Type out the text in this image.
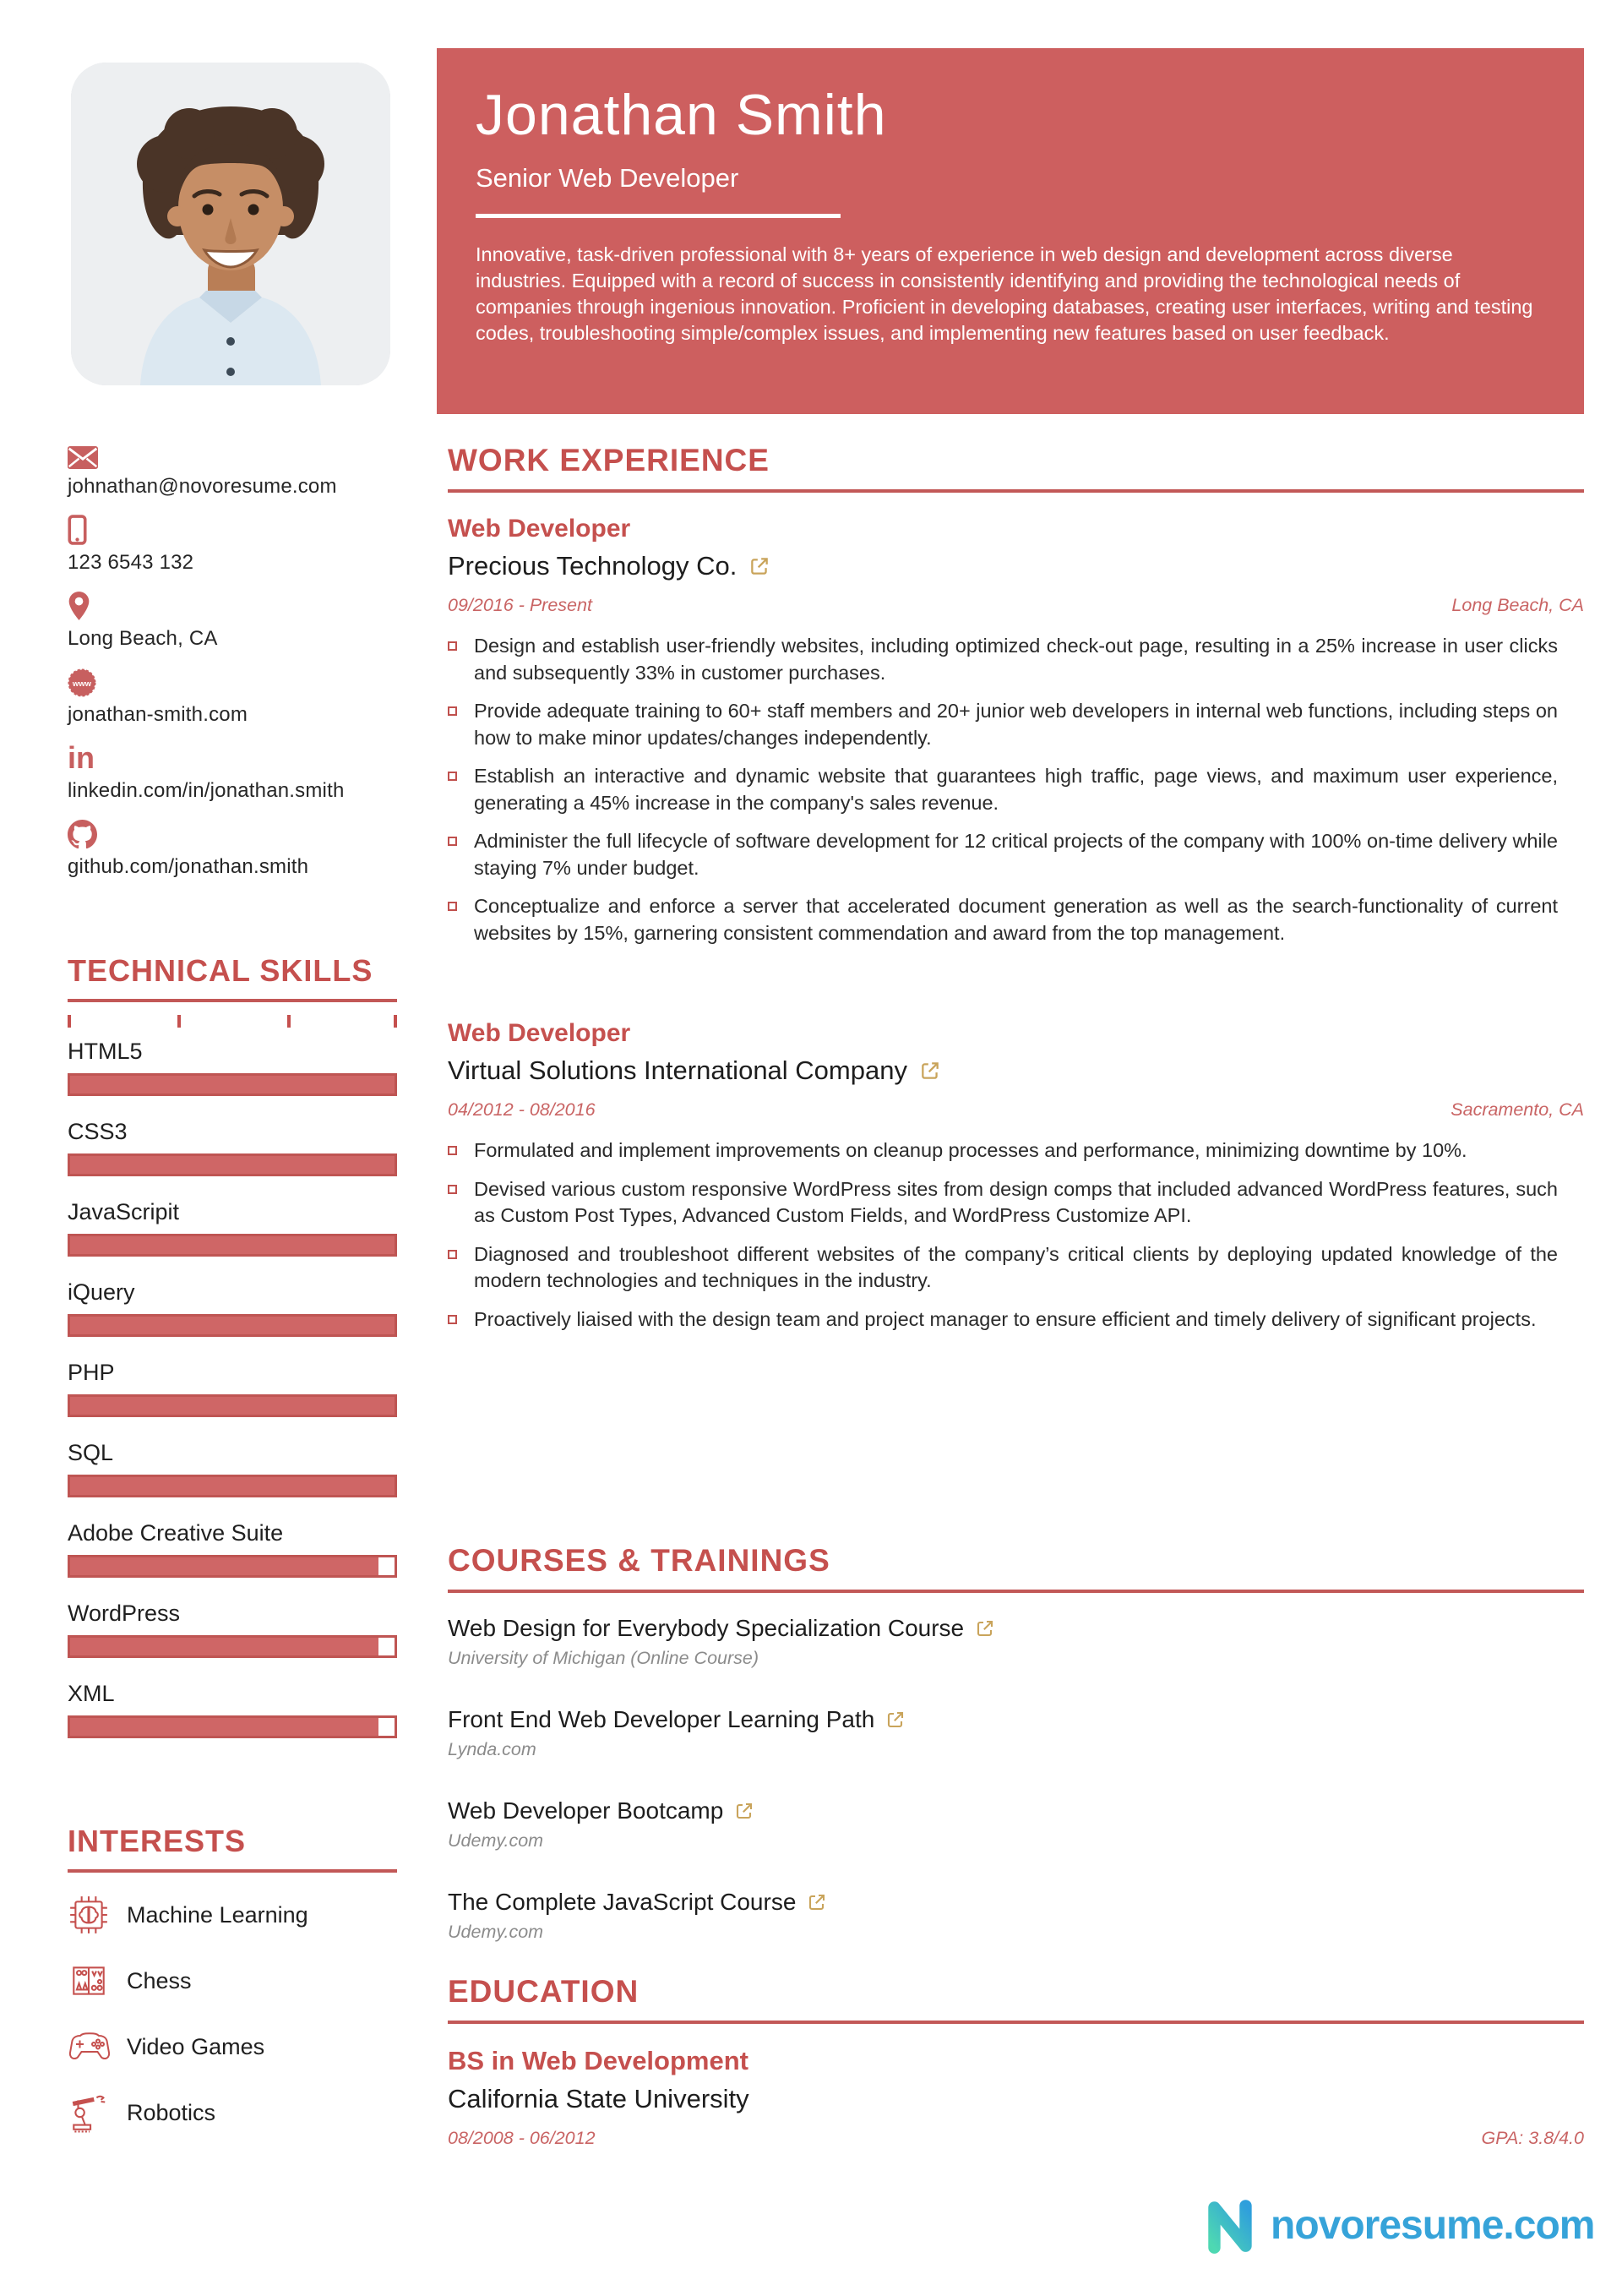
Jonathan Smith
Senior Web Developer
Innovative, task-driven professional with 8+ years of experience in web design and development across diverse industries. Equipped with a record of success in consistently identifying and providing the technological needs of companies through ingenious innovation. Proficient in developing databases, creating user interfaces, writing and testing codes, troubleshooting simple/complex issues, and implementing new features based on user feedback.
johnathan@novoresume.com
123 6543 132
Long Beach, CA
www
jonathan-smith.com
in
linkedin.com/in/jonathan.smith
github.com/jonathan.smith
TECHNICAL SKILLS
HTML5
CSS3
JavaScripit
iQuery
PHP
SQL
Adobe Creative Suite
WordPress
XML
INTERESTS
Machine Learning
Chess
Video Games
Robotics
WORK EXPERIENCE
Web Developer
Precious Technology Co.
09/2016 - Present	Long Beach, CA
Design and establish user-friendly websites, including optimized check-out page, resulting in a 25% increase in user clicks and subsequently 33% in customer purchases.
Provide adequate training to 60+ staff members and 20+ junior web developers in internal web functions, including steps on how to make minor updates/changes independently.
Establish an interactive and dynamic website that guarantees high traffic, page views, and maximum user experience, generating a 45% increase in the company's sales revenue.
Administer the full lifecycle of software development for 12 critical projects of the company with 100% on-time delivery while staying 7% under budget.
Conceptualize and enforce a server that accelerated document generation as well as the search-functionality of current websites by 15%, garnering consistent commendation and award from the top management.
Web Developer
Virtual Solutions International Company
04/2012 - 08/2016	Sacramento, CA
Formulated and implement improvements on cleanup processes and performance, minimizing downtime by 10%.
Devised various custom responsive WordPress sites from design comps that included advanced WordPress features, such as Custom Post Types, Advanced Custom Fields, and WordPress Customize API.
Diagnosed and troubleshoot different websites of the company’s critical clients by deploying updated knowledge of the modern technologies and techniques in the industry.
Proactively liaised with the design team and project manager to ensure efficient and timely delivery of significant projects.
COURSES & TRAININGS
Web Design for Everybody Specialization Course
University of Michigan (Online Course)
Front End Web Developer Learning Path
Lynda.com
Web Developer Bootcamp
Udemy.com
The Complete JavaScript Course
Udemy.com
EDUCATION
BS in Web Development
California State University
08/2008 - 06/2012	GPA: 3.8/4.0
novoresume.com
